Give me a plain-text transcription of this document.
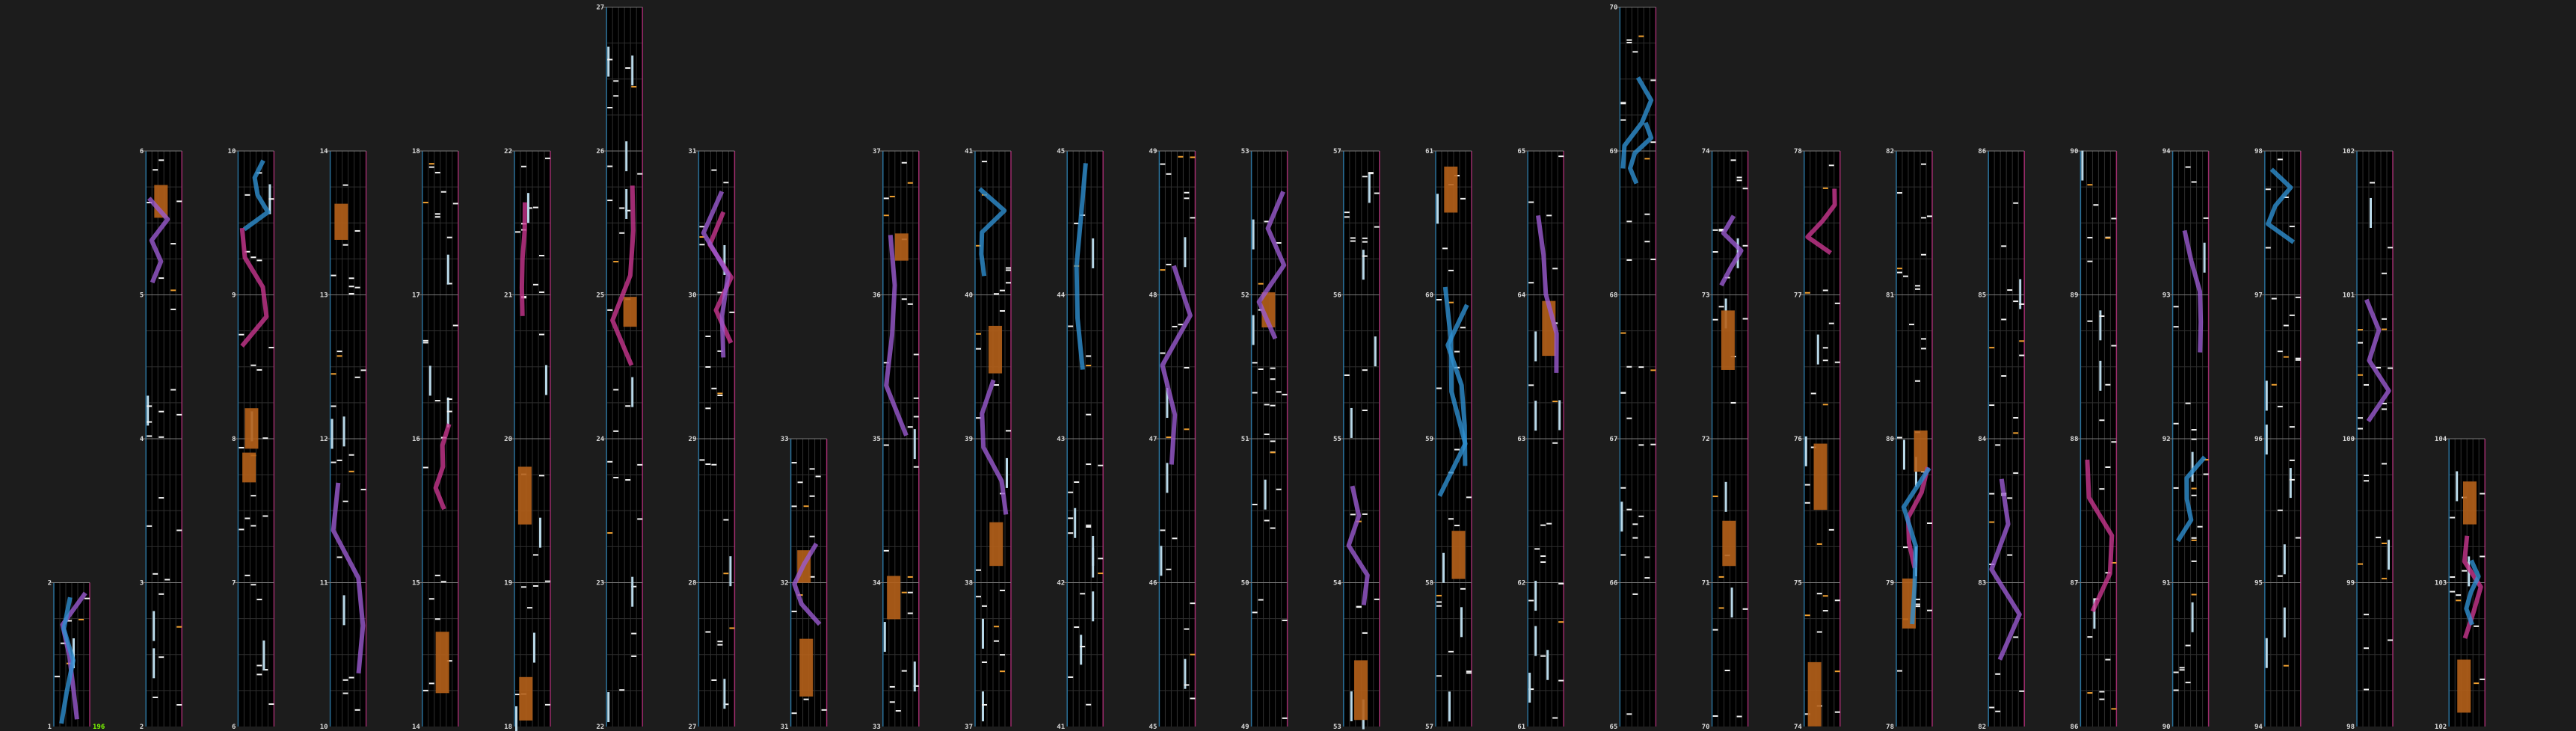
1
2
2
3
4
5
6
6
7
8
9
10
10
11
12
13
14
14
15
16
17
18
18
19
20
21
22
22
23
24
25
26
27
27
28
29
30
31
31
32
33
33
34
35
36
37
37
38
39
40
41
41
42
43
44
45
45
46
47
48
49
49
50
51
52
53
53
54
55
56
57
57
58
59
60
61
61
62
63
64
65
65
66
67
68
69
70
70
71
72
73
74
74
75
76
77
78
78
79
80
81
82
82
83
84
85
86
86
87
88
89
90
90
91
92
93
94
94
95
96
97
98
98
99
100
101
102
102
103
104
196
